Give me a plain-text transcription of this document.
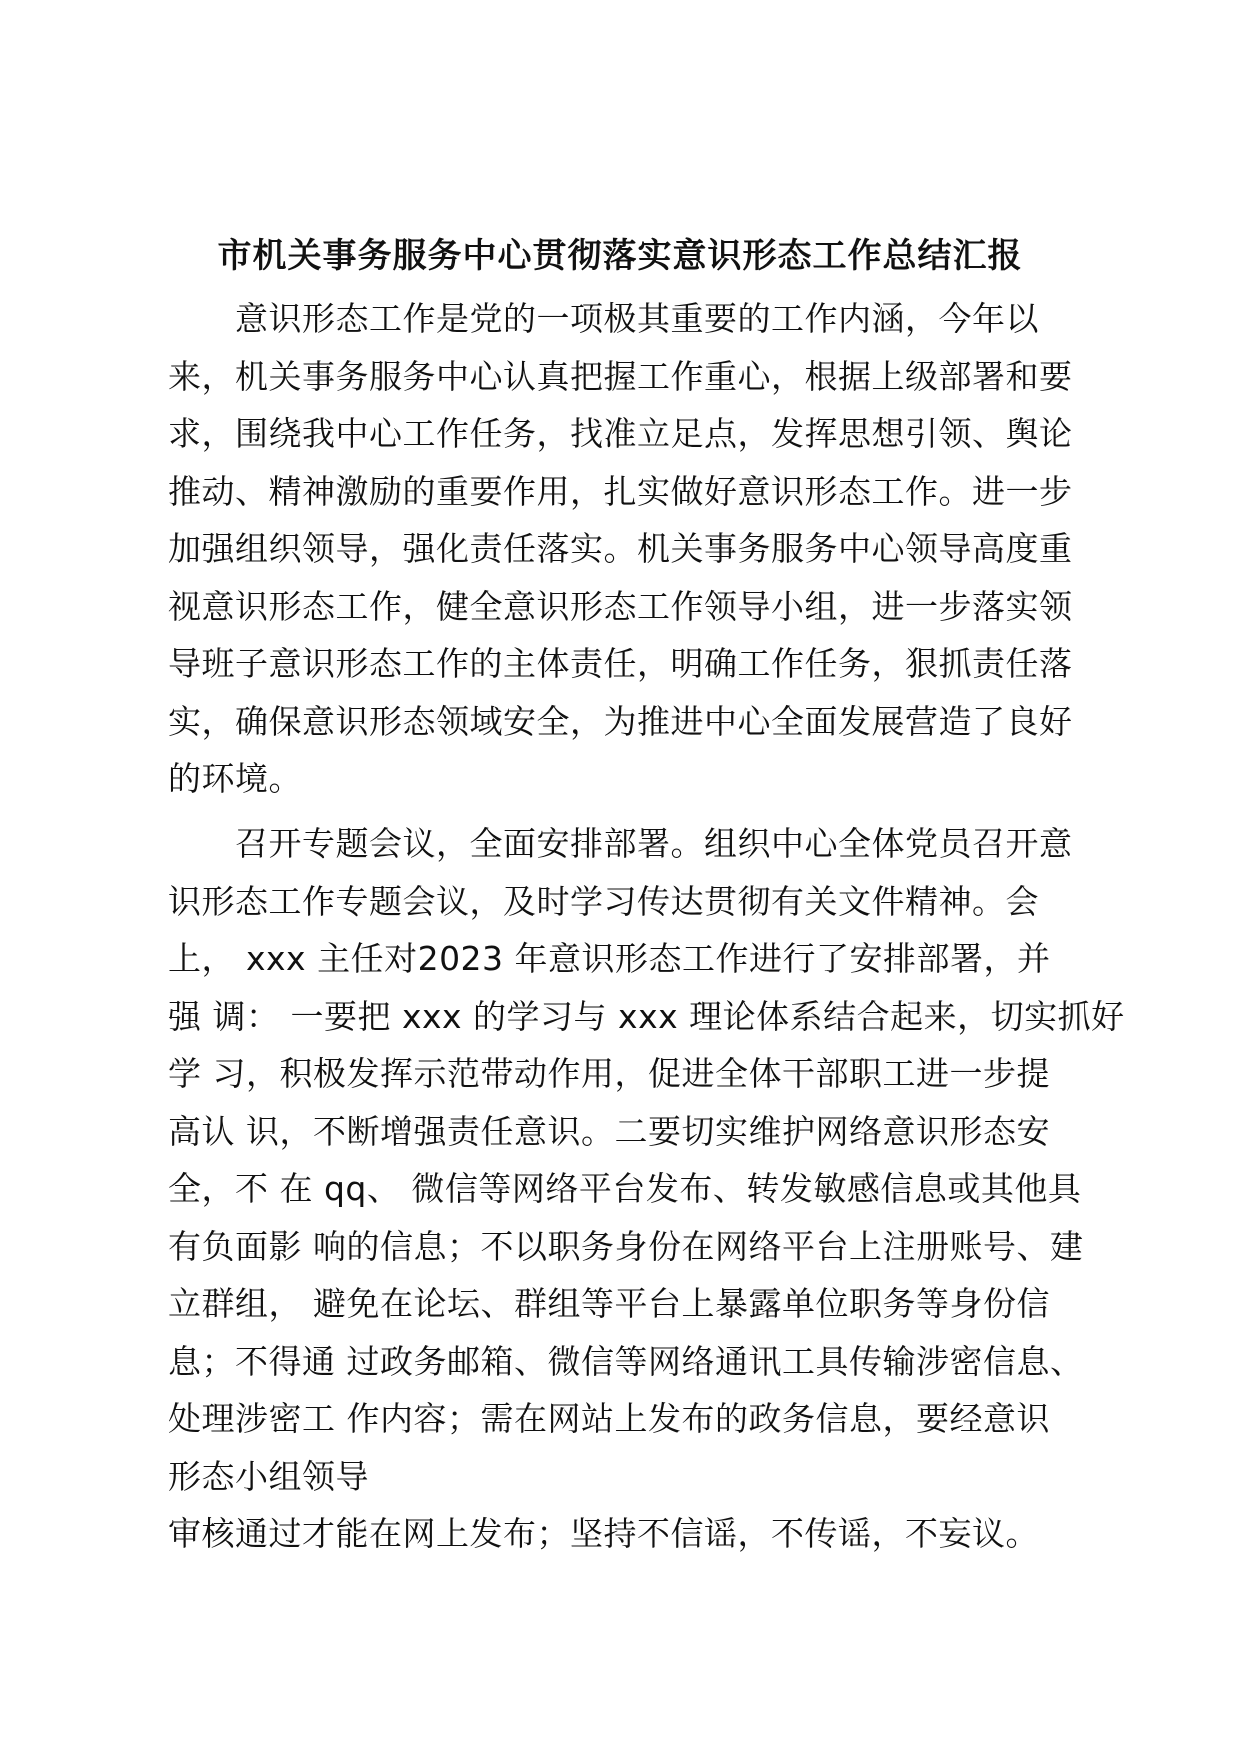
市机关事务服务中心贯彻落实意识形态工作总结汇报
　　意识形态工作是党的一项极其重要的工作内涵，今年以
来，机关事务服务中心认真把握工作重心，根据上级部署和要
求，围绕我中心工作任务，找准立足点，发挥思想引领、舆论
推动、精神激励的重要作用，扎实做好意识形态工作。进一步
加强组织领导，强化责任落实。机关事务服务中心领导高度重
视意识形态工作，健全意识形态工作领导小组，进一步落实领
导班子意识形态工作的主体责任，明确工作任务，狠抓责任落
实，确保意识形态领域安全，为推进中心全面发展营造了良好
的环境。
　　召开专题会议，全面安排部署。组织中心全体党员召开意
识形态工作专题会议，及时学习传达贯彻有关文件精神。会
上， xxx 主任对2023 年意识形态工作进行了安排部署，并
强 调： 一要把 xxx 的学习与 xxx 理论体系结合起来，切实抓好
学 习，积极发挥示范带动作用，促进全体干部职工进一步提
高认 识，不断增强责任意识。二要切实维护网络意识形态安
全，不 在 qq、 微信等网络平台发布、转发敏感信息或其他具
有负面影 响的信息；不以职务身份在网络平台上注册账号、建
立群组， 避免在论坛、群组等平台上暴露单位职务等身份信
息；不得通 过政务邮箱、微信等网络通讯工具传输涉密信息、
处理涉密工 作内容；需在网站上发布的政务信息，要经意识
形态小组领导
审核通过才能在网上发布；坚持不信谣，不传谣，不妄议。
